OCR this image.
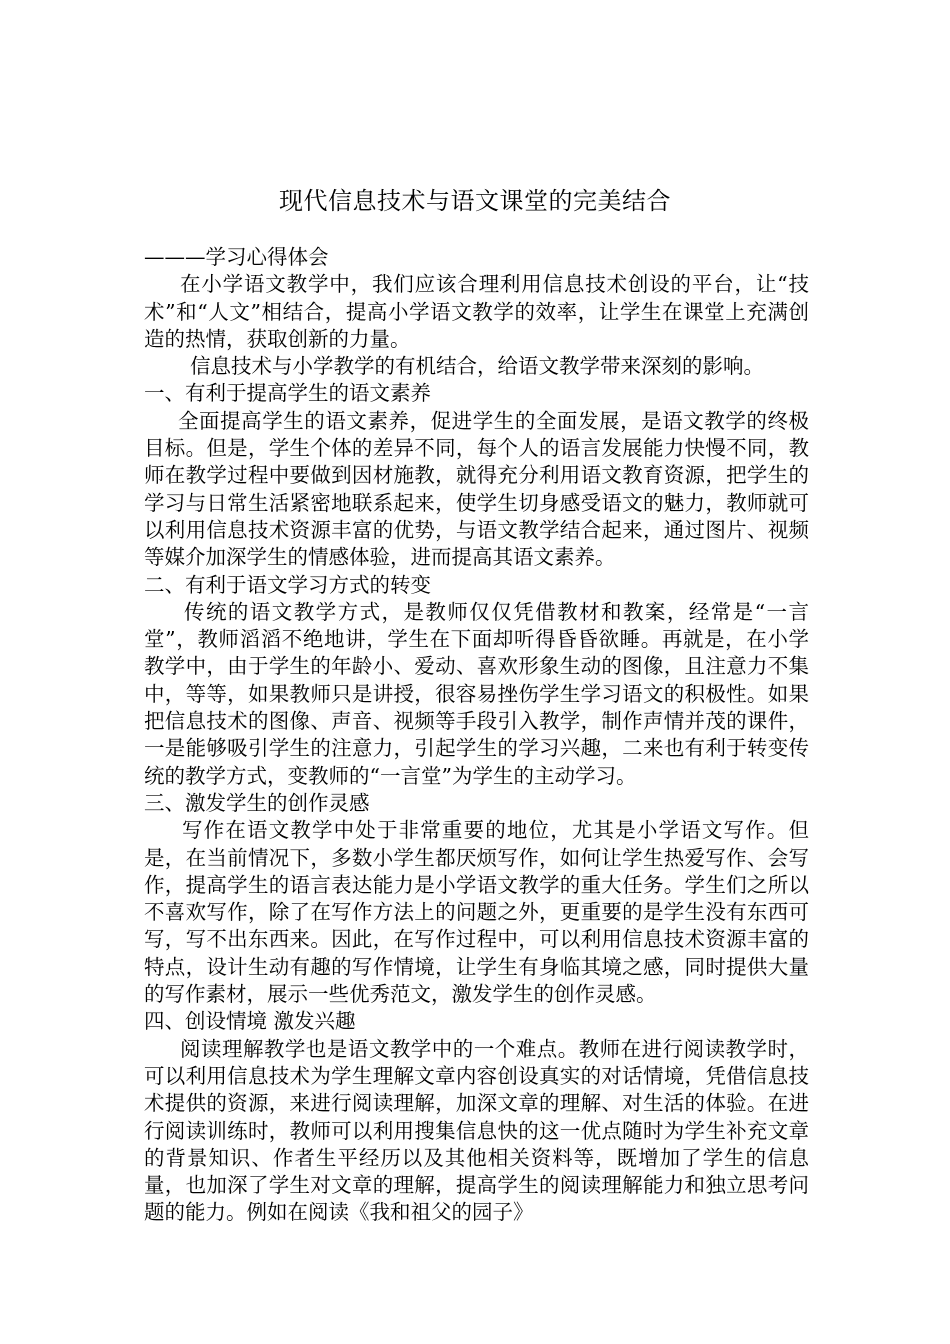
现代信息技术与语文课堂的完美结合

———学习心得体会

在小学语文教学中，我们应该合理利用信息技术创设的平台，让“技术”和“人文”相结合，提高小学语文教学的效率，让学生在课堂上充满创造的热情，获取创新的力量。

信息技术与小学教学的有机结合，给语文教学带来深刻的影响。

一、有利于提高学生的语文素养

全面提高学生的语文素养，促进学生的全面发展，是语文教学的终极目标。但是，学生个体的差异不同，每个人的语言发展能力快慢不同，教师在教学过程中要做到因材施教，就得充分利用语文教育资源，把学生的学习与日常生活紧密地联系起来，使学生切身感受语文的魅力，教师就可以利用信息技术资源丰富的优势，与语文教学结合起来，通过图片、视频等媒介加深学生的情感体验，进而提高其语文素养。

二、有利于语文学习方式的转变

传统的语文教学方式，是教师仅仅凭借教材和教案，经常是“一言堂”，教师滔滔不绝地讲，学生在下面却听得昏昏欲睡。再就是，在小学教学中，由于学生的年龄小、爱动、喜欢形象生动的图像，且注意力不集中，等等，如果教师只是讲授，很容易挫伤学生学习语文的积极性。如果把信息技术的图像、声音、视频等手段引入教学，制作声情并茂的课件，一是能够吸引学生的注意力，引起学生的学习兴趣，二来也有利于转变传统的教学方式，变教师的“一言堂”为学生的主动学习。

三、激发学生的创作灵感

写作在语文教学中处于非常重要的地位，尤其是小学语文写作。但是，在当前情况下，多数小学生都厌烦写作，如何让学生热爱写作、会写作，提高学生的语言表达能力是小学语文教学的重大任务。学生们之所以不喜欢写作，除了在写作方法上的问题之外，更重要的是学生没有东西可写，写不出东西来。因此，在写作过程中，可以利用信息技术资源丰富的特点，设计生动有趣的写作情境，让学生有身临其境之感，同时提供大量的写作素材，展示一些优秀范文，激发学生的创作灵感。

四、创设情境 激发兴趣

阅读理解教学也是语文教学中的一个难点。教师在进行阅读教学时，可以利用信息技术为学生理解文章内容创设真实的对话情境，凭借信息技术提供的资源，来进行阅读理解，加深文章的理解、对生活的体验。在进行阅读训练时，教师可以利用搜集信息快的这一优点随时为学生补充文章的背景知识、作者生平经历以及其他相关资料等，既增加了学生的信息量，也加深了学生对文章的理解，提高学生的阅读理解能力和独立思考问题的能力。例如在阅读《我和祖父的园子》
